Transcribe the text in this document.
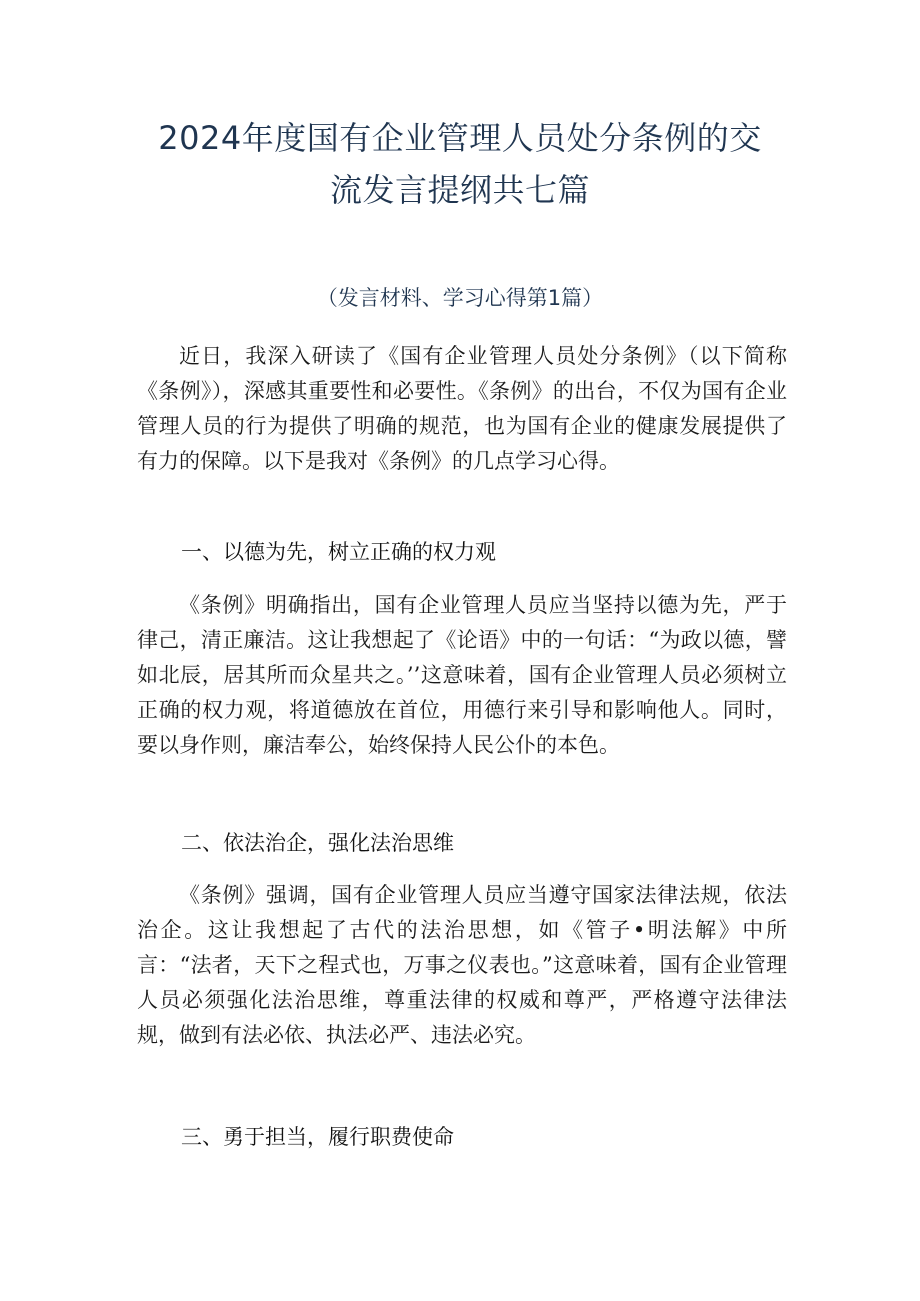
2024年度国有企业管理人员处分条例的交
流发言提纲共七篇
（发言材料、学习心得第1篇）

近日，我深入研读了《国有企业管理人员处分条例》（以下简称《条例》），深感其重要性和必要性。《条例》的出台，不仅为国有企业管理人员的行为提供了明确的规范，也为国有企业的健康发展提供了有力的保障。以下是我对《条例》的几点学习心得。

一、以德为先，树立正确的权力观

《条例》明确指出，国有企业管理人员应当坚持以德为先，严于律己，清正廉洁。这让我想起了《论语》中的一句话：“为政以德，譬如北辰，居其所而众星共之。’’这意味着，国有企业管理人员必须树立正确的权力观，将道德放在首位，用德行来引导和影响他人。同时，要以身作则，廉洁奉公，始终保持人民公仆的本色。

二、依法治企，强化法治思维

《条例》强调，国有企业管理人员应当遵守国家法律法规，依法治企。这让我想起了古代的法治思想，如《管子•明法解》中所言：“法者，天下之程式也，万事之仪表也。”这意味着，国有企业管理人员必须强化法治思维，尊重法律的权威和尊严，严格遵守法律法规，做到有法必依、执法必严、违法必究。

三、勇于担当，履行职费使命
